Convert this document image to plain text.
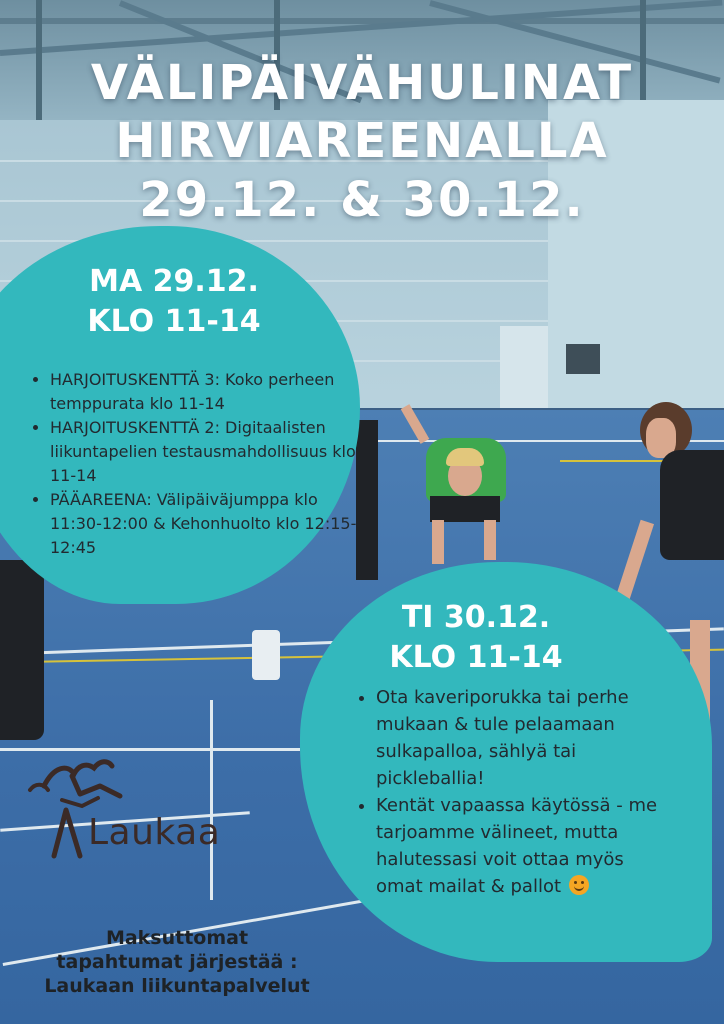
VÄLIPÄIVÄHULINAT
HIRVIAREENALLA
29.12. & 30.12.
MA 29.12.
KLO 11-14
• HARJOITUSKENTTÄ 3: Koko perheen temppurata klo 11-14
• HARJOITUSKENTTÄ 2: Digitaalisten liikuntapelien testausmahdollisuus klo 11-14
• PÄÄAREENA: Välipäiväjumppa klo 11:30-12:00 & Kehonhuolto klo 12:15-12:45
TI 30.12.
KLO 11-14
• Ota kaveriporukka tai perhe mukaan & tule pelaamaan sulkapalloa, sählyä tai pickleballia!
• Kentät vapaassa käytössä - me tarjoamme välineet, mutta halutessasi voit ottaa myös omat mailat & pallot
Laukaa
Maksuttomat
tapahtumat järjestää :
Laukaan liikuntapalvelut
